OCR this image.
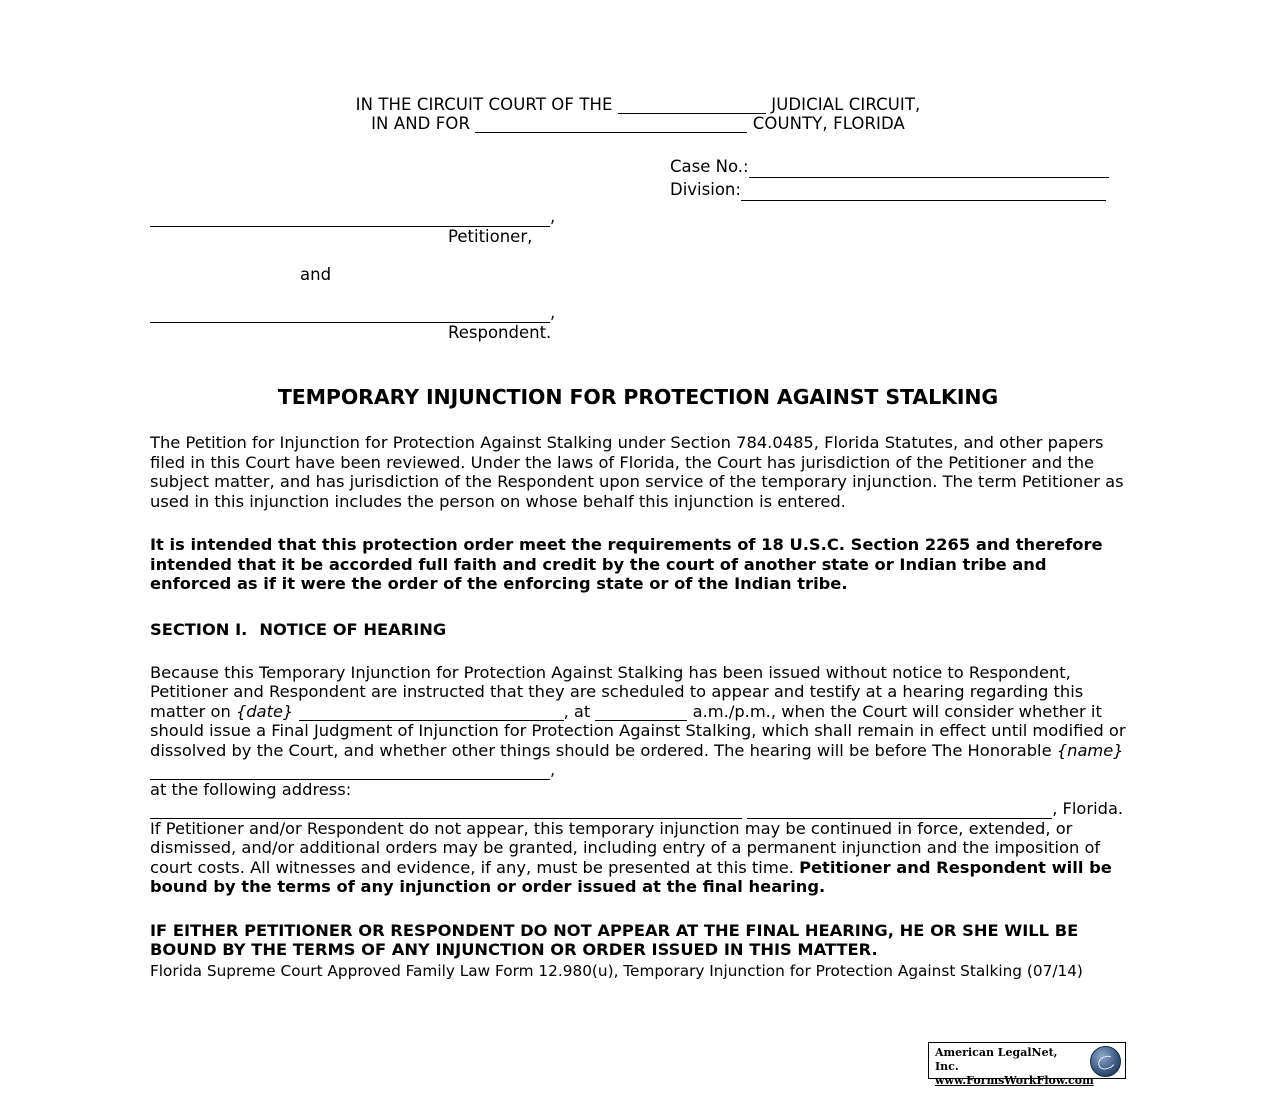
IN THE CIRCUIT COURT OF THE	JUDICIAL CIRCUIT,
IN AND FOR	COUNTY, FLORIDA
Case No.:
Division:
,
Petitioner,
and
,
Respondent.
TEMPORARY INJUNCTION FOR PROTECTION AGAINST STALKING

The Petition for Injunction for Protection Against Stalking under Section 784.0485, Florida Statutes, and other papers filed in this Court have been reviewed. Under the laws of Florida, the Court has jurisdiction of the Petitioner and the subject matter, and has jurisdiction of the Respondent upon service of the temporary injunction. The term Petitioner as used in this injunction includes the person on whose behalf this injunction is entered.

It is intended that this protection order meet the requirements of 18 U.S.C. Section 2265 and therefore intended that it be accorded full faith and credit by the court of another state or Indian tribe and enforced as if it were the order of the enforcing state or of the Indian tribe.

SECTION I. NOTICE OF HEARING

Because this Temporary Injunction for Protection Against Stalking has been issued without notice to Respondent, Petitioner and Respondent are instructed that they are scheduled to appear and testify at a hearing regarding this matter on {date}	, at	a.m./p.m., when the Court will consider whether it should issue a Final Judgment of Injunction for Protection Against Stalking, which shall remain in effect until modified or dissolved by the Court, and whether other things should be ordered. The hearing will be before The Honorable {name} ,
at the following address:
, Florida.

If Petitioner and/or Respondent do not appear, this temporary injunction may be continued in force, extended, or dismissed, and/or additional orders may be granted, including entry of a permanent injunction and the imposition of court costs. All witnesses and evidence, if any, must be presented at this time. Petitioner and Respondent will be bound by the terms of any injunction or order issued at the final hearing.

IF EITHER PETITIONER OR RESPONDENT DO NOT APPEAR AT THE FINAL HEARING, HE OR SHE WILL BE BOUND BY THE TERMS OF ANY INJUNCTION OR ORDER ISSUED IN THIS MATTER.

Florida Supreme Court Approved Family Law Form 12.980(u), Temporary Injunction for Protection Against Stalking (07/14)
American LegalNet, Inc.
www.FormsWorkFlow.com
